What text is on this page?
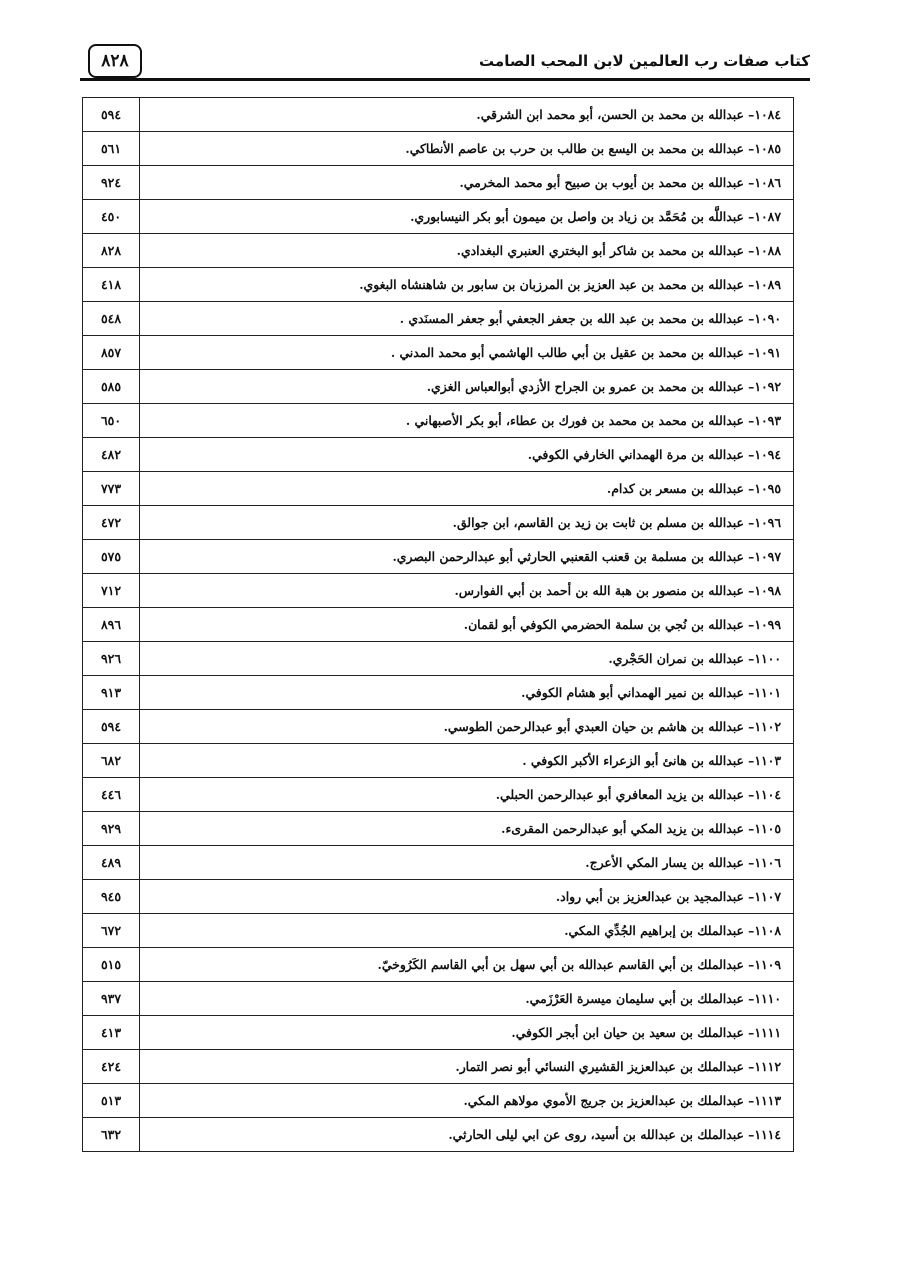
٨٢٨	كتاب صفات رب العالمين لابن المحب الصامت
١٠٨٤– عبدالله بن محمد بن الحسن، أبو محمد ابن الشرقي.	٥٩٤
١٠٨٥– عبدالله بن محمد بن اليسع بن طالب بن حرب بن عاصم الأنطاكي.	٥٦١
١٠٨٦– عبدالله بن محمد بن أيوب بن صبيح أبو محمد المخرمي.	٩٢٤
١٠٨٧– عبداللَّه بن مُحَمَّد بن زياد بن واصل بن ميمون أبو بكر النيسابوري.	٤٥٠
١٠٨٨– عبدالله بن محمد بن شاكر أبو البختري العنبري البغدادي.	٨٢٨
١٠٨٩– عبدالله بن محمد بن عبد العزيز بن المرزبان بن سابور بن شاهنشاه البغوي.	٤١٨
١٠٩٠– عبدالله بن محمد بن عبد الله بن جعفر الجعفي أبو جعفر المسنَدي .	٥٤٨
١٠٩١– عبدالله بن محمد بن عقيل بن أبي طالب الهاشمي أبو محمد المدني .	٨٥٧
١٠٩٢– عبدالله بن محمد بن عمرو بن الجراح الأزدي أبوالعباس الغزي.	٥٨٥
١٠٩٣– عبدالله بن محمد بن محمد بن فورك بن عطاء، أبو بكر الأصبهاني .	٦٥٠
١٠٩٤– عبدالله بن مرة الهمداني الخارفي الكوفي.	٤٨٢
١٠٩٥– عبدالله بن مسعر بن كدام.	٧٧٣
١٠٩٦– عبدالله بن مسلم بن ثابت بن زيد بن القاسم، ابن جوالق.	٤٧٢
١٠٩٧– عبدالله بن مسلمة بن قعنب القعنبي الحارثي أبو عبدالرحمن البصري.	٥٧٥
١٠٩٨– عبدالله بن منصور بن هبة الله بن أحمد بن أبي الفوارس.	٧١٢
١٠٩٩– عبدالله بن نُجي بن سلمة الحضرمي الكوفي أبو لقمان.	٨٩٦
١١٠٠– عبدالله بن نمران الحَجْري.	٩٢٦
١١٠١– عبدالله بن نمير الهمداني أبو هشام الكوفي.	٩١٣
١١٠٢– عبدالله بن هاشم بن حيان العبدي أبو عبدالرحمن الطوسي.	٥٩٤
١١٠٣– عبدالله بن هانئ أبو الزعراء الأكبر الكوفي .	٦٨٢
١١٠٤– عبدالله بن يزيد المعافري أبو عبدالرحمن الحبلي.	٤٤٦
١١٠٥– عبدالله بن يزيد المكي أبو عبدالرحمن المقرىء.	٩٢٩
١١٠٦– عبدالله بن يسار المكي الأعرج.	٤٨٩
١١٠٧– عبدالمجيد بن عبدالعزيز بن أبي رواد.	٩٤٥
١١٠٨– عبدالملك بن إبراهيم الجُدِّي المكي.	٦٧٢
١١٠٩– عبدالملك بن أبي القاسم عبدالله بن أبي سهل بن أبي القاسم الكَرُوخيّ.	٥١٥
١١١٠– عبدالملك بن أبي سليمان ميسرة العَرْزَمي.	٩٣٧
١١١١– عبدالملك بن سعيد بن حيان ابن أبجر الكوفي.	٤١٣
١١١٢– عبدالملك بن عبدالعزيز القشيري النسائي أبو نصر التمار.	٤٢٤
١١١٣– عبدالملك بن عبدالعزيز بن جريج الأموي مولاهم المكي.	٥١٣
١١١٤– عبدالملك بن عبدالله بن أسيد، روى عن ابي ليلى الحارثي.	٦٣٢
